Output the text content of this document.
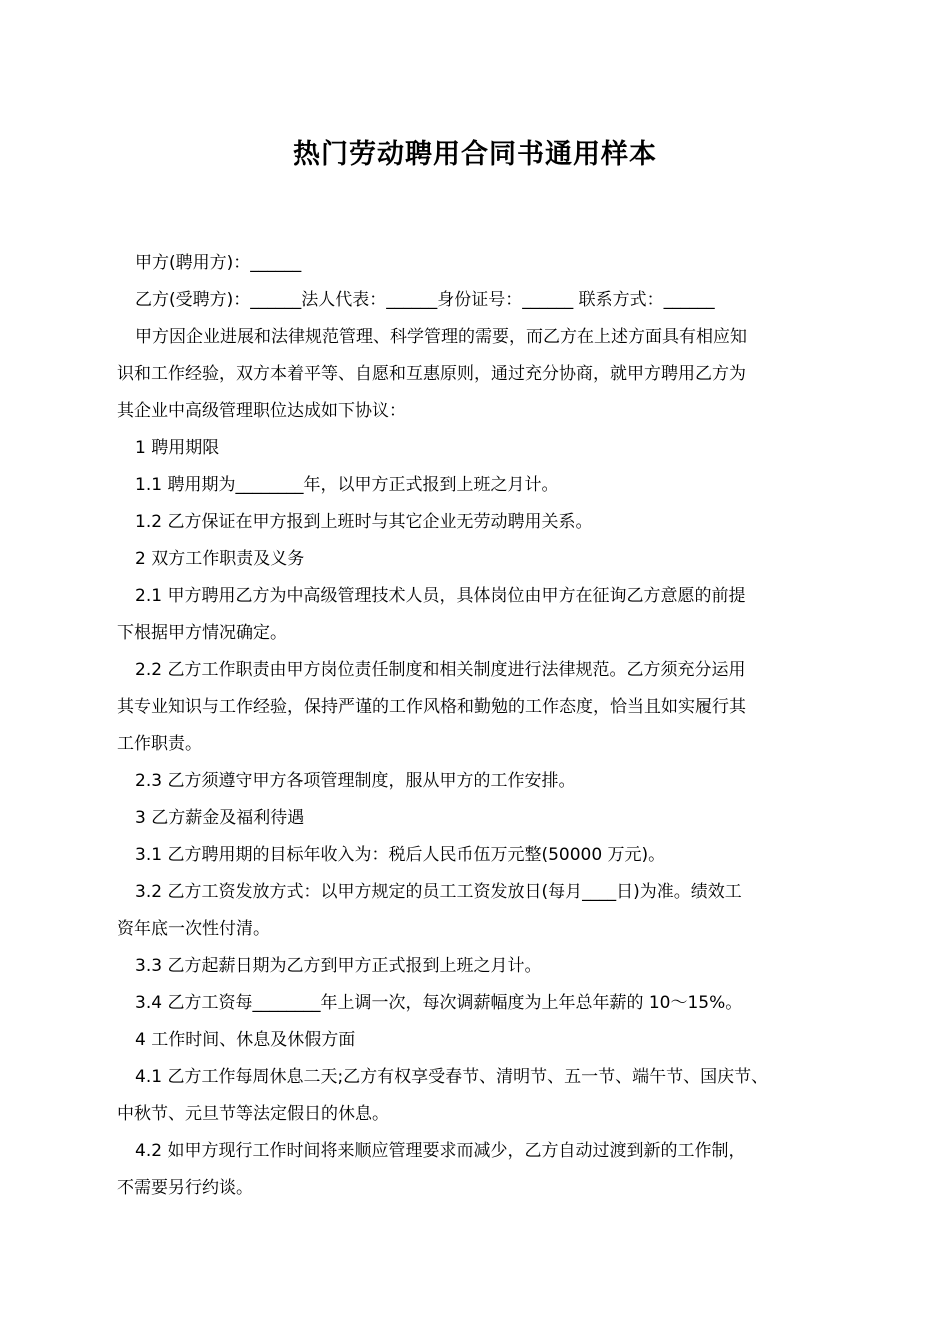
热门劳动聘用合同书通用样本
甲方(聘用方)：______
乙方(受聘方)：______法人代表：______身份证号：______ 联系方式：______
甲方因企业进展和法律规范管理、科学管理的需要，而乙方在上述方面具有相应知
识和工作经验，双方本着平等、自愿和互惠原则，通过充分协商，就甲方聘用乙方为
其企业中高级管理职位达成如下协议：
1 聘用期限
1.1 聘用期为________年，以甲方正式报到上班之月计。
1.2 乙方保证在甲方报到上班时与其它企业无劳动聘用关系。
2 双方工作职责及义务
2.1 甲方聘用乙方为中高级管理技术人员，具体岗位由甲方在征询乙方意愿的前提
下根据甲方情况确定。
2.2 乙方工作职责由甲方岗位责任制度和相关制度进行法律规范。乙方须充分运用
其专业知识与工作经验，保持严谨的工作风格和勤勉的工作态度，恰当且如实履行其
工作职责。
2.3 乙方须遵守甲方各项管理制度，服从甲方的工作安排。
3 乙方薪金及福利待遇
3.1 乙方聘用期的目标年收入为：税后人民币伍万元整(50000 万元)。
3.2 乙方工资发放方式：以甲方规定的员工工资发放日(每月____日)为准。绩效工
资年底一次性付清。
3.3 乙方起薪日期为乙方到甲方正式报到上班之月计。
3.4 乙方工资每________年上调一次，每次调薪幅度为上年总年薪的 10～15%。
4 工作时间、休息及休假方面
4.1 乙方工作每周休息二天;乙方有权享受春节、清明节、五一节、端午节、国庆节、
中秋节、元旦节等法定假日的休息。
4.2 如甲方现行工作时间将来顺应管理要求而减少，乙方自动过渡到新的工作制，
不需要另行约谈。
